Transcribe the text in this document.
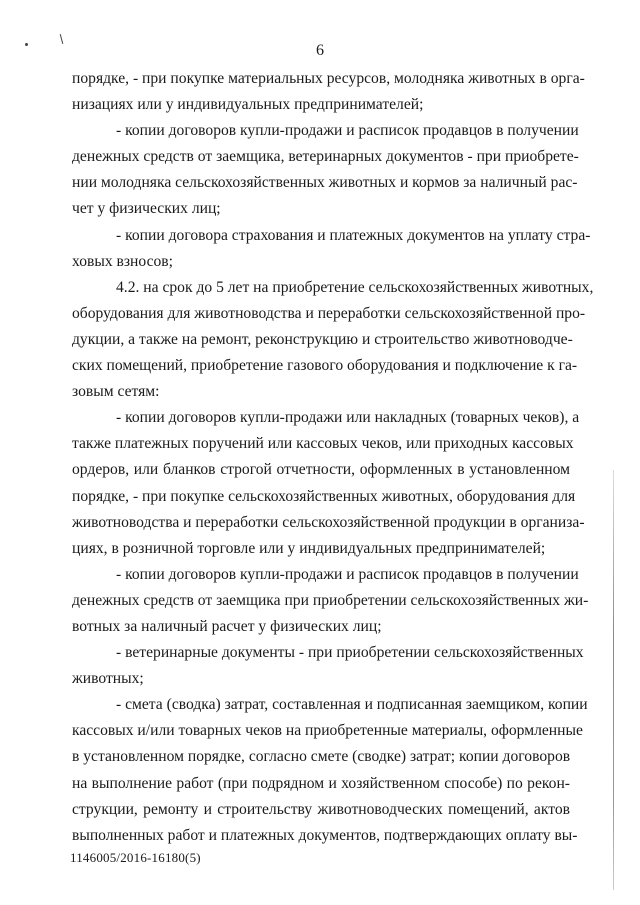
6
порядке, - при покупке материальных ресурсов, молодняка животных в орга-
низациях или у индивидуальных предпринимателей;
- копии договоров купли-продажи и расписок продавцов в получении
денежных средств от заемщика, ветеринарных документов - при приобрете-
нии молодняка сельскохозяйственных животных и кормов за наличный рас-
чет у физических лиц;
- копии договора страхования и платежных документов на уплату стра-
ховых взносов;
4.2. на срок до 5 лет на приобретение сельскохозяйственных животных,
оборудования для животноводства и переработки сельскохозяйственной про-
дукции, а также на ремонт, реконструкцию и строительство животноводче-
ских помещений, приобретение газового оборудования и подключение к га-
зовым сетям:
- копии договоров купли-продажи или накладных (товарных чеков), а
также платежных поручений или кассовых чеков, или приходных кассовых
ордеров, или бланков строгой отчетности, оформленных в установленном
порядке, - при покупке сельскохозяйственных животных, оборудования для
животноводства и переработки сельскохозяйственной продукции в организа-
циях, в розничной торговле или у индивидуальных предпринимателей;
- копии договоров купли-продажи и расписок продавцов в получении
денежных средств от заемщика при приобретении сельскохозяйственных жи-
вотных за наличный расчет у физических лиц;
- ветеринарные документы - при приобретении сельскохозяйственных
животных;
- смета (сводка) затрат, составленная и подписанная заемщиком, копии
кассовых и/или товарных чеков на приобретенные материалы, оформленные
в установленном порядке, согласно смете (сводке) затрат; копии договоров
на выполнение работ (при подрядном и хозяйственном способе) по рекон-
струкции, ремонту и строительству животноводческих помещений, актов
выполненных работ и платежных документов, подтверждающих оплату вы-
1146005/2016-16180(5)
